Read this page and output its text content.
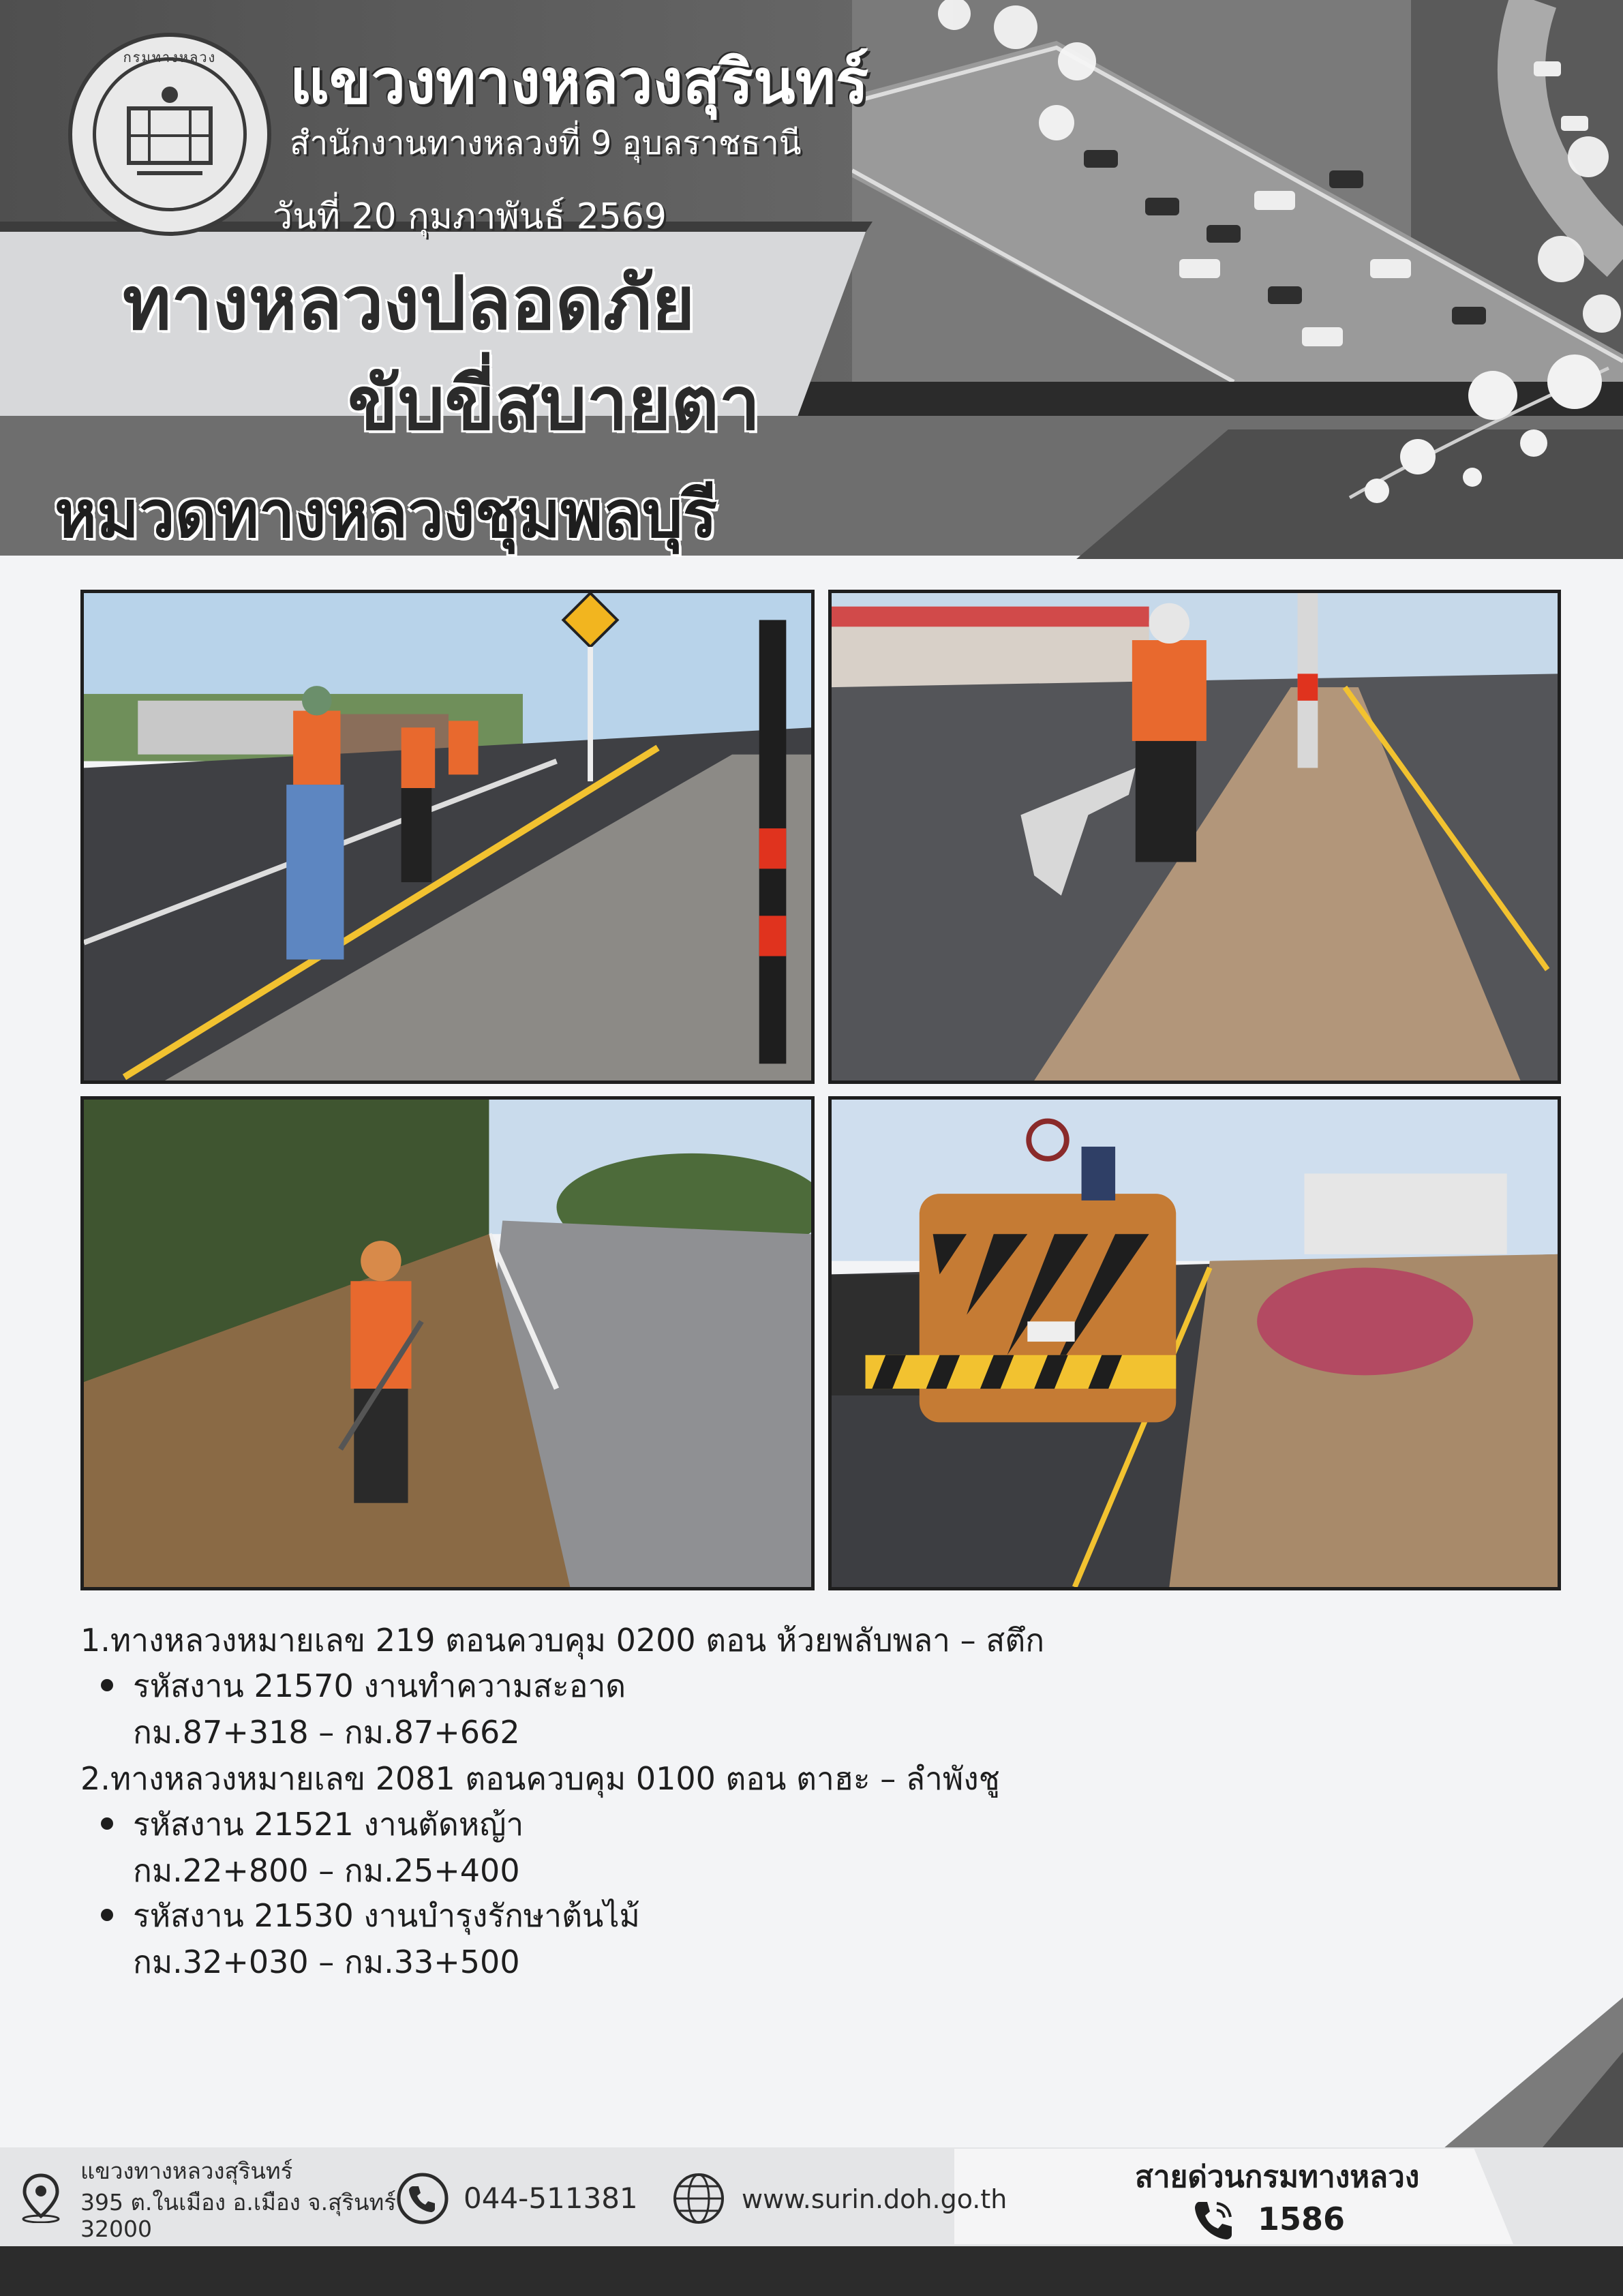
กรมทางหลวง	แขวงทางหลวงสุรินทร์
สำนักงานทางหลวงที่ 9 อุบลราชธานี
วันที่ 20 กุมภาพันธ์ 2569
ทางหลวงปลอดภัย
ขับขี่สบายตา
หมวดทางหลวงชุมพลบุรี
1.ทางหลวงหมายเลข 219 ตอนควบคุม 0200 ตอน ห้วยพลับพลา – สตึก
รหัสงาน 21570 งานทำความสะอาด
กม.87+318 – กม.87+662
2.ทางหลวงหมายเลข 2081 ตอนควบคุม 0100 ตอน ตาฮะ – ลำพังชู
รหัสงาน 21521 งานตัดหญ้า
กม.22+800 – กม.25+400
รหัสงาน 21530 งานบำรุงรักษาต้นไม้
กม.32+030 – กม.33+500
แขวงทางหลวงสุรินทร์
395 ต.ในเมือง อ.เมือง จ.สุรินทร์
32000
044-511381	www.surin.doh.go.th
สายด่วนกรมทางหลวง
1586
